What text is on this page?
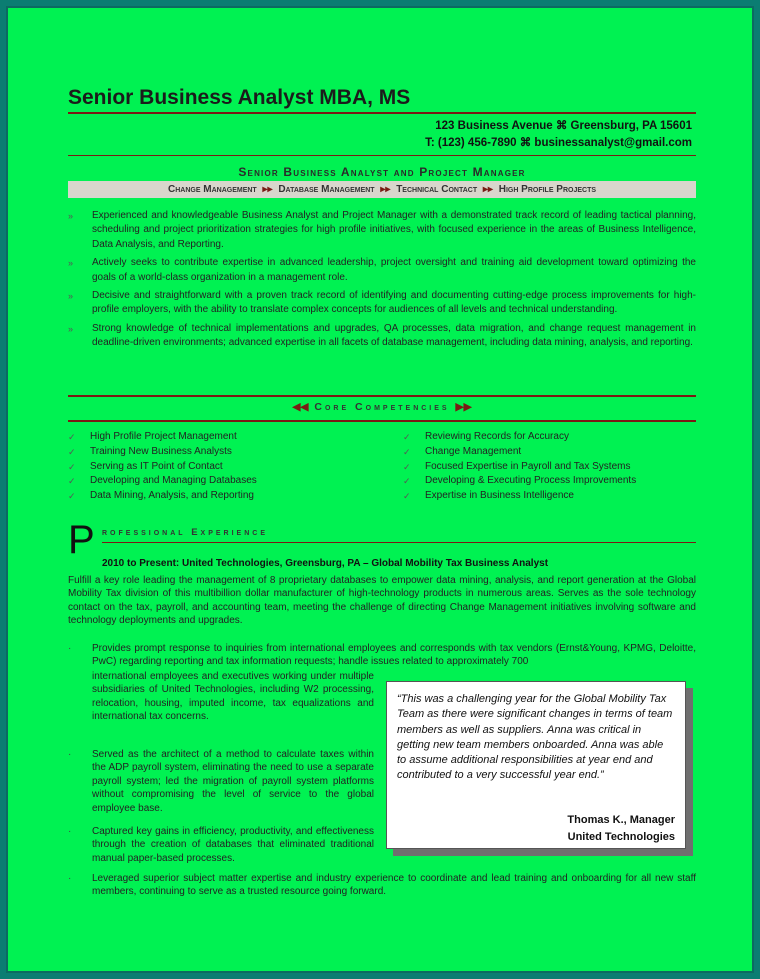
Senior Business Analyst MBA, MS
123 Business Avenue ⌘ Greensburg, PA 15601
T: (123) 456-7890 ⌘ businessanalyst@gmail.com
Senior Business Analyst and Project Manager
Change Management ▸▸ Database Management ▸▸ Technical Contact ▸▸ High Profile Projects
» Experienced and knowledgeable Business Analyst and Project Manager with a demonstrated track record of leading tactical planning, scheduling and project prioritization strategies for high profile initiatives, with focused experience in the areas of Business Intelligence, Data Analysis, and Reporting.
» Actively seeks to contribute expertise in advanced leadership, project oversight and training aid development toward optimizing the goals of a world-class organization in a management role.
» Decisive and straightforward with a proven track record of identifying and documenting cutting-edge process improvements for high-profile employers, with the ability to translate complex concepts for audiences of all levels and technical understanding.
» Strong knowledge of technical implementations and upgrades, QA processes, data migration, and change request management in deadline-driven environments; advanced expertise in all facets of database management, including data mining, analysis, and reporting.
◀◀ Core Competencies ▶▶
✓ High Profile Project Management
✓ Training New Business Analysts
✓ Serving as IT Point of Contact
✓ Developing and Managing Databases
✓ Data Mining, Analysis, and Reporting
✓ Reviewing Records for Accuracy
✓ Change Management
✓ Focused Expertise in Payroll and Tax Systems
✓ Developing & Executing Process Improvements
✓ Expertise in Business Intelligence
P rofessional Experience
2010 to Present: United Technologies, Greensburg, PA – Global Mobility Tax Business Analyst
Fulfill a key role leading the management of 8 proprietary databases to empower data mining, analysis, and report generation at the Global Mobility Tax division of this multibillion dollar manufacturer of high-technology products in numerous areas. Serves as the sole technology contact on the tax, payroll, and accounting team, meeting the challenge of directing Change Management initiatives involving software and technology deployments and upgrades.
· Provides prompt response to inquiries from international employees and corresponds with tax vendors (Ernst&Young, KPMG, Deloitte, PwC) regarding reporting and tax information requests; handle issues related to approximately 700
international employees and executives working under multiple subsidiaries of United Technologies, including W2 processing, relocation, housing, imputed income, tax equalizations and international tax concerns.
· Served as the architect of a method to calculate taxes within the ADP payroll system, eliminating the need to use a separate payroll system; led the migration of payroll system platforms without compromising the level of service to the global employee base.
· Captured key gains in efficiency, productivity, and effectiveness through the creation of databases that eliminated traditional manual paper-based processes.
· Leveraged superior subject matter expertise and industry experience to coordinate and lead training and onboarding for all new staff members, continuing to serve as a trusted resource going forward.
“This was a challenging year for the Global Mobility Tax Team as there were significant changes in terms of team members as well as suppliers. Anna was critical in getting new team members onboarded. Anna was able to assume additional responsibilities at year end and contributed to a very successful year end.”
Thomas K., Manager
United Technologies
